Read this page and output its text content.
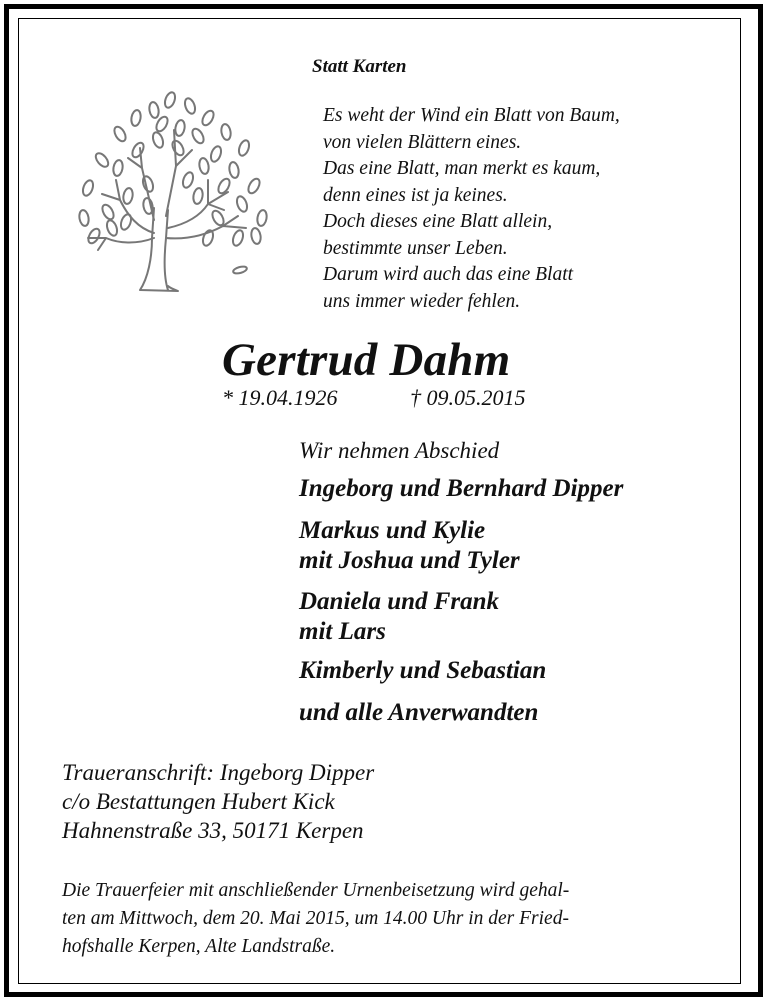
Statt Karten
Es weht der Wind ein Blatt von Baum,
von vielen Blättern eines.
Das eine Blatt, man merkt es kaum,
denn eines ist ja keines.
Doch dieses eine Blatt allein,
bestimmte unser Leben.
Darum wird auch das eine Blatt
uns immer wieder fehlen.
Gertrud Dahm
* 19.04.1926	† 09.05.2015
Wir nehmen Abschied
Ingeborg und Bernhard Dipper
Markus und Kylie
mit Joshua und Tyler
Daniela und Frank
mit Lars
Kimberly und Sebastian
und alle Anverwandten
Traueranschrift: Ingeborg Dipper
c/o Bestattungen Hubert Kick
Hahnenstraße 33, 50171 Kerpen
Die Trauerfeier mit anschließender Urnenbeisetzung wird gehal-
ten am Mittwoch, dem 20. Mai 2015, um 14.00 Uhr in der Fried-
hofshalle Kerpen, Alte Landstraße.
